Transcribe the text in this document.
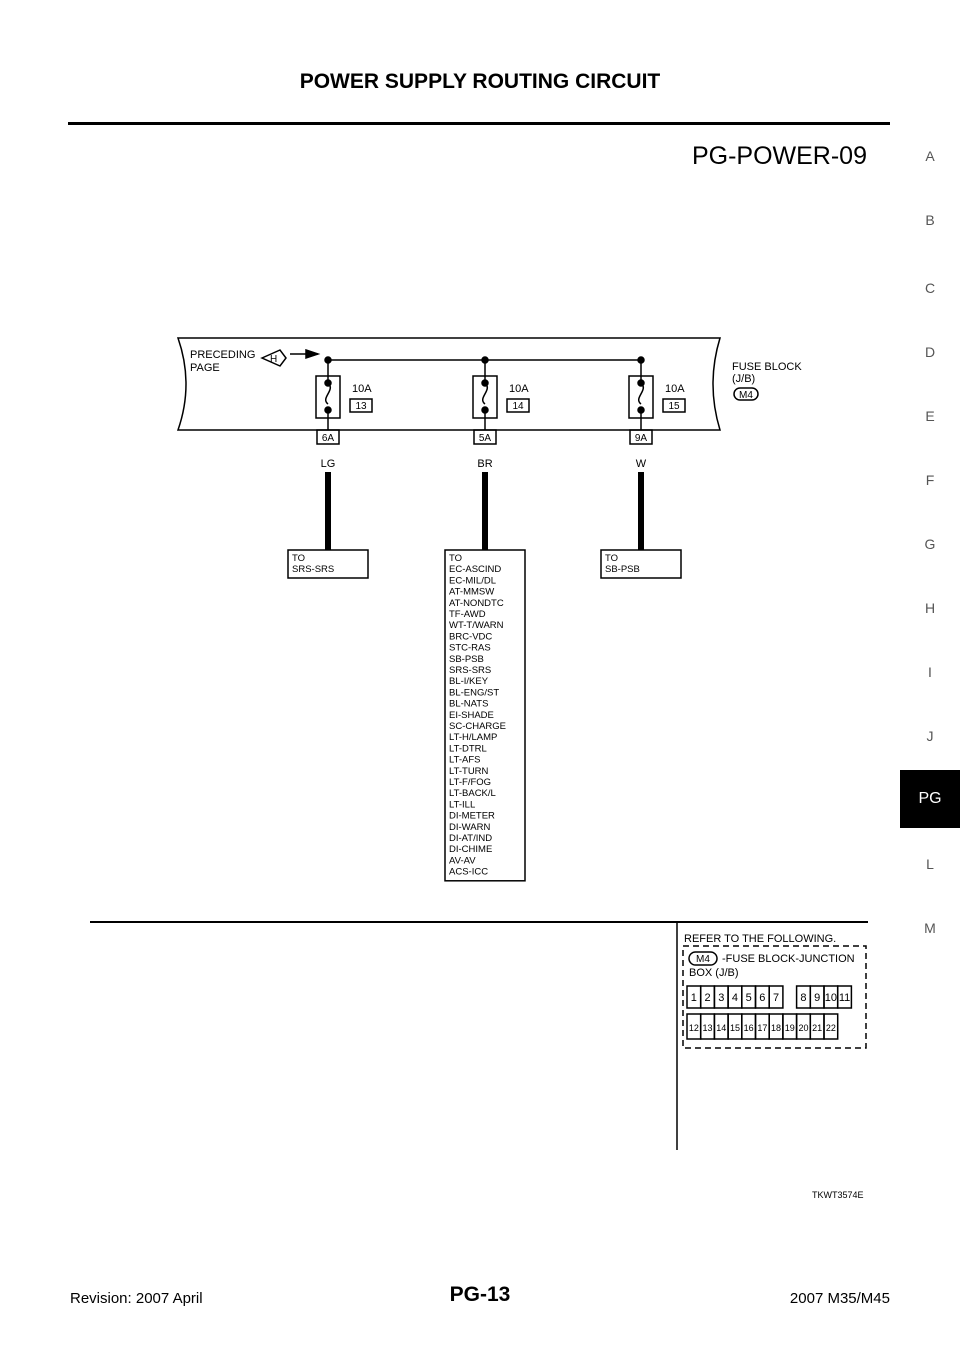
POWER SUPPLY ROUTING CIRCUIT
PG-POWER-09	A
B
C
D
E
F
G
H
I
J
PG
L
M
PRECEDING
PAGE
H
FUSE BLOCK
(J/B)
M4
10A
13
6A
LG
TO
SRS-SRS
10A
14
5A
BR
TO
EC-ASCIND
EC-MIL/DL
AT-MMSW
AT-NONDTC
TF-AWD
WT-T/WARN
BRC-VDC
STC-RAS
SB-PSB
SRS-SRS
BL-I/KEY
BL-ENG/ST
BL-NATS
EI-SHADE
SC-CHARGE
LT-H/LAMP
LT-DTRL
LT-AFS
LT-TURN
LT-F/FOG
LT-BACK/L
LT-ILL
DI-METER
DI-WARN
DI-AT/IND
DI-CHIME
AV-AV
ACS-ICC
10A
15
9A
W
TO
SB-PSB
REFER TO THE FOLLOWING.
M4 -FUSE BLOCK-JUNCTION
BOX (J/B)
1 2 3 4 5 6 7 8 9 10 11
12 13 14 15 16 17 18 19 20 21 22
TKWT3574E
Revision: 2007 April	PG-13	2007 M35/M45
